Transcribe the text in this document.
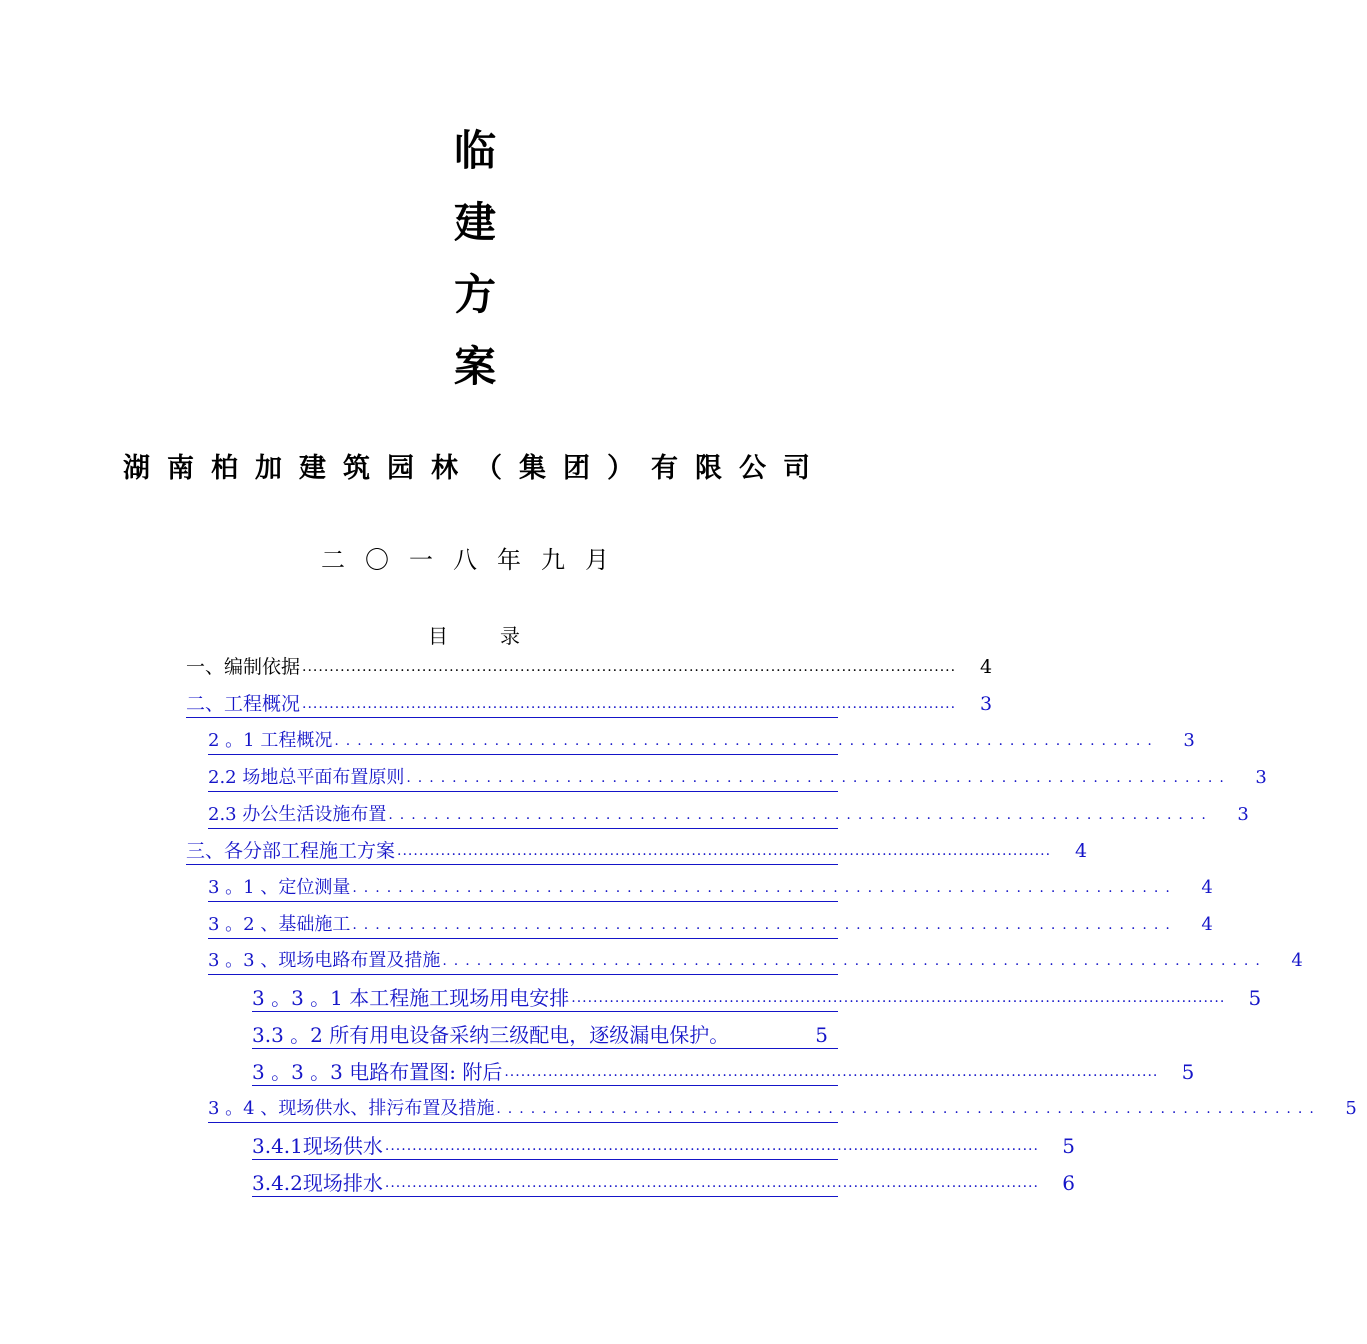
临
建
方
案
湖南柏加建筑园林（集团）有限公司
二〇一八年九月
目录
一、编制依据 ........................................................................................................................	4
二、工程概况 ........................................................................................................................	3
2 。1 工程概况 ........................................................................	3
2.2 场地总平面布置原则 ........................................................................	3
2.3 办公生活设施布置 ........................................................................	3
三、各分部工程施工方案 ........................................................................................................................	4
3 。1 、定位测量 ........................................................................	4
3 。2 、基础施工 ........................................................................	4
3 。3 、现场电路布置及措施 ........................................................................	4
3 。3 。1 本工程施工现场用电安排 ........................................................................................................................	5
3.3 。2 所有用电设备采纳三级配电，逐级漏电保护。	5
3 。3 。3 电路布置图: 附后 ........................................................................................................................	5
3 。4 、现场供水、排污布置及措施 ........................................................................	5
3.4.1现场供水 ........................................................................................................................	5
3.4.2现场排水 ........................................................................................................................	6
